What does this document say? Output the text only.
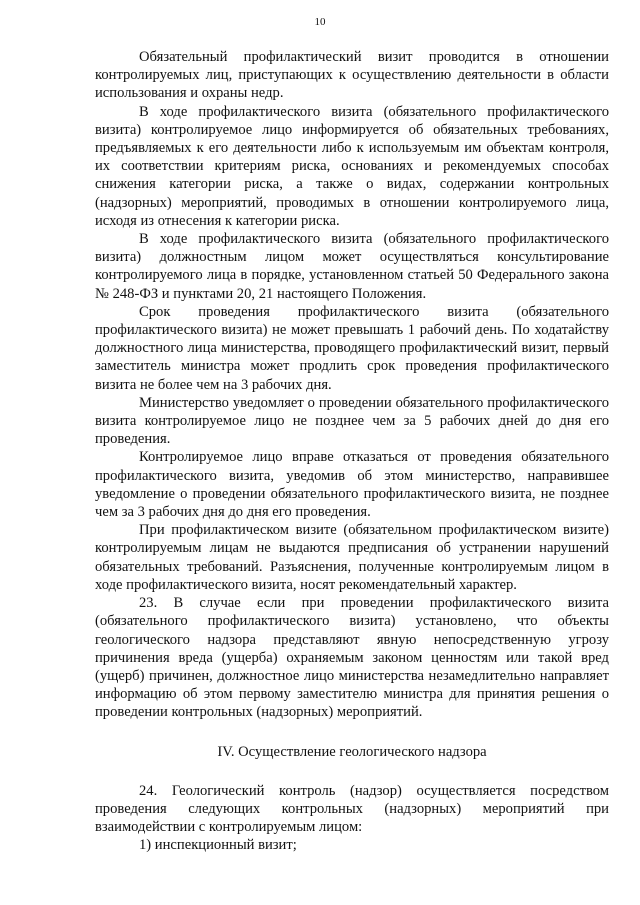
10

Обязательный профилактический визит проводится в отношении контролируемых лиц, приступающих к осуществлению деятельности в области использования и охраны недр.

В ходе профилактического визита (обязательного профилактического визита) контролируемое лицо информируется об обязательных требованиях, предъявляемых к его деятельности либо к используемым им объектам контроля, их соответствии критериям риска, основаниях и рекомендуемых способах снижения категории риска, а также о видах, содержании контрольных (надзорных) мероприятий, проводимых в отношении контролируемого лица, исходя из отнесения к категории риска.

В ходе профилактического визита (обязательного профилактического визита) должностным лицом может осуществляться консультирование контролируемого лица в порядке, установленном статьей 50 Федерального закона № 248-ФЗ и пунктами 20, 21 настоящего Положения.

Срок проведения профилактического визита (обязательного профилактического визита) не может превышать 1 рабочий день. По ходатайству должностного лица министерства, проводящего профилактический визит, первый заместитель министра может продлить срок проведения профилактического визита не более чем на 3 рабочих дня.

Министерство уведомляет о проведении обязательного профилактического визита контролируемое лицо не позднее чем за 5 рабочих дней до дня его проведения.

Контролируемое лицо вправе отказаться от проведения обязательного профилактического визита, уведомив об этом министерство, направившее уведомление о проведении обязательного профилактического визита, не позднее чем за 3 рабочих дня до дня его проведения.

При профилактическом визите (обязательном профилактическом визите) контролируемым лицам не выдаются предписания об устранении нарушений обязательных требований. Разъяснения, полученные контролируемым лицом в ходе профилактического визита, носят рекомендательный характер.

23. В случае если при проведении профилактического визита (обязательного профилактического визита) установлено, что объекты геологического надзора представляют явную непосредственную угрозу причинения вреда (ущерба) охраняемым законом ценностям или такой вред (ущерб) причинен, должностное лицо министерства незамедлительно направляет информацию об этом первому заместителю министра для принятия решения о проведении контрольных (надзорных) мероприятий.

IV. Осуществление геологического надзора

24. Геологический контроль (надзор) осуществляется посредством проведения следующих контрольных (надзорных) мероприятий при взаимодействии с контролируемым лицом:

1) инспекционный визит;
